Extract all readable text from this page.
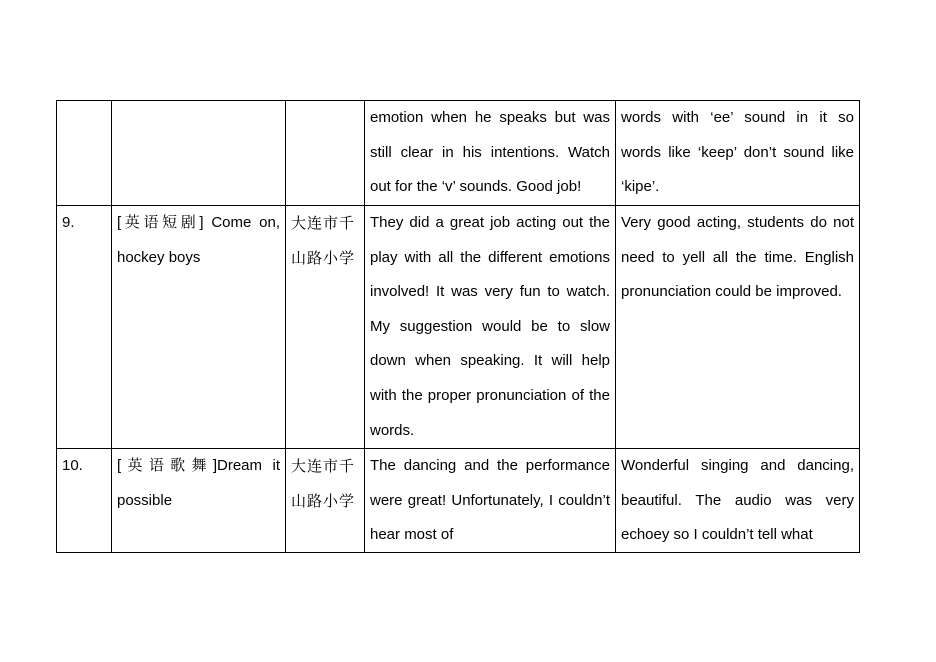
			emotion when he speaks but was still clear in his intentions. Watch out for the ‘v’ sounds. Good job!	words with ‘ee’ sound in it so words like ‘keep’ don’t sound like ‘kipe’.
9.	[英语短剧] Come on, hockey boys	大连市千山路小学	They did a great job acting out the play with all the different emotions involved! It was very fun to watch. My suggestion would be to slow down when speaking. It will help with the proper pronunciation of the words.	Very good acting, students do not need to yell all the time. English pronunciation could be improved.

10.	[英语歌舞]Dream it possible	大连市千山路小学	The dancing and the performance were great! Unfortunately, I couldn’t hear most of	Wonderful singing and dancing, beautiful. The audio was very echoey so I couldn’t tell what
